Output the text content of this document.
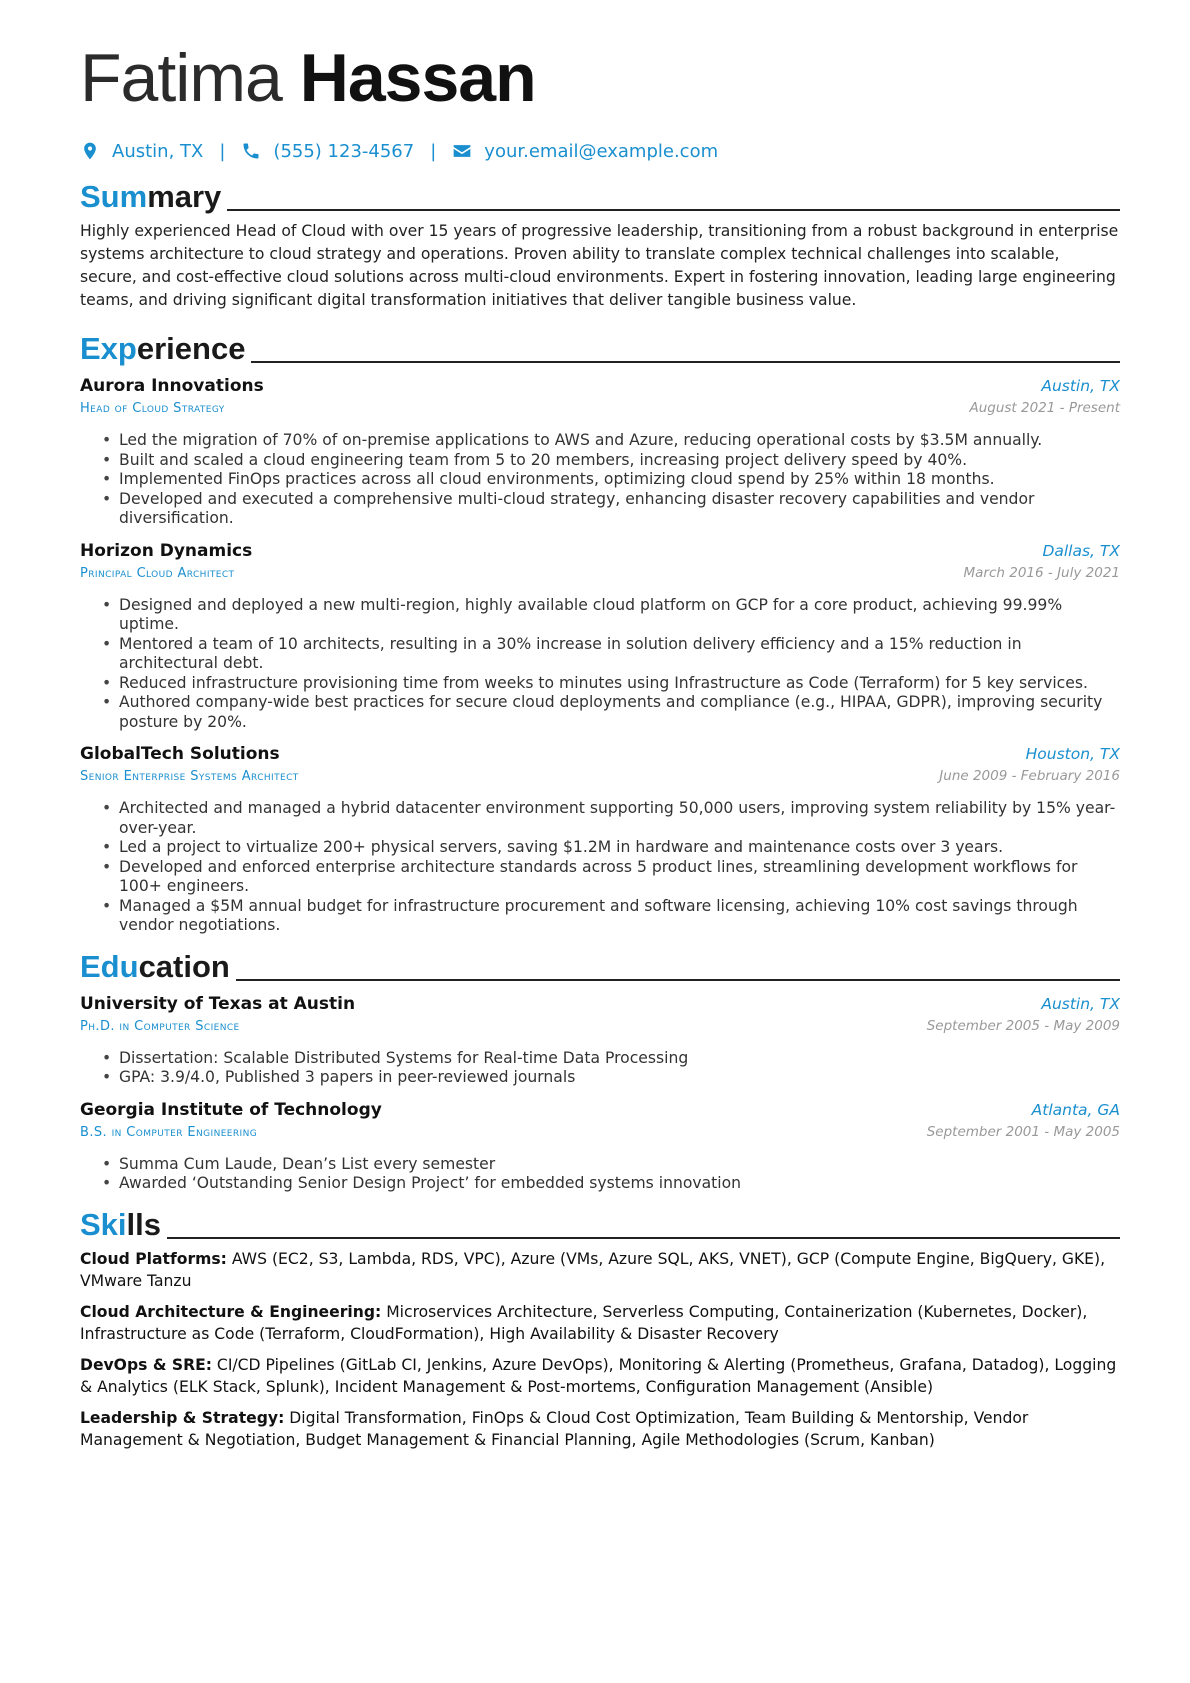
Fatima Hassan
Austin, TX |	(555) 123-4567 |	your.email@example.com
Summary

Highly experienced Head of Cloud with over 15 years of progressive leadership, transitioning from a robust background in enterprise systems architecture to cloud strategy and operations. Proven ability to translate complex technical challenges into scalable, secure, and cost-effective cloud solutions across multi-cloud environments. Expert in fostering innovation, leading large engineering teams, and driving significant digital transformation initiatives that deliver tangible business value.

Experience
Aurora Innovations	Austin, TX
Head of Cloud Strategy	August 2021 - Present
• Led the migration of 70% of on-premise applications to AWS and Azure, reducing operational costs by $3.5M annually.
• Built and scaled a cloud engineering team from 5 to 20 members, increasing project delivery speed by 40%.
• Implemented FinOps practices across all cloud environments, optimizing cloud spend by 25% within 18 months.
• Developed and executed a comprehensive multi-cloud strategy, enhancing disaster recovery capabilities and vendor diversification.
Horizon Dynamics	Dallas, TX
Principal Cloud Architect	March 2016 - July 2021
• Designed and deployed a new multi-region, highly available cloud platform on GCP for a core product, achieving 99.99% uptime.
• Mentored a team of 10 architects, resulting in a 30% increase in solution delivery efficiency and a 15% reduction in architectural debt.
• Reduced infrastructure provisioning time from weeks to minutes using Infrastructure as Code (Terraform) for 5 key services.
• Authored company-wide best practices for secure cloud deployments and compliance (e.g., HIPAA, GDPR), improving security posture by 20%.
GlobalTech Solutions	Houston, TX
Senior Enterprise Systems Architect	June 2009 - February 2016
• Architected and managed a hybrid datacenter environment supporting 50,000 users, improving system reliability by 15% year-over-year.
• Led a project to virtualize 200+ physical servers, saving $1.2M in hardware and maintenance costs over 3 years.
• Developed and enforced enterprise architecture standards across 5 product lines, streamlining development workflows for 100+ engineers.
• Managed a $5M annual budget for infrastructure procurement and software licensing, achieving 10% cost savings through vendor negotiations.
Education
University of Texas at Austin	Austin, TX
Ph.D. in Computer Science	September 2005 - May 2009
• Dissertation: Scalable Distributed Systems for Real-time Data Processing
• GPA: 3.9/4.0, Published 3 papers in peer-reviewed journals
Georgia Institute of Technology	Atlanta, GA
B.S. in Computer Engineering	September 2001 - May 2005
• Summa Cum Laude, Dean’s List every semester
• Awarded ‘Outstanding Senior Design Project’ for embedded systems innovation
Skills

Cloud Platforms: AWS (EC2, S3, Lambda, RDS, VPC), Azure (VMs, Azure SQL, AKS, VNET), GCP (Compute Engine, BigQuery, GKE), VMware Tanzu

Cloud Architecture & Engineering: Microservices Architecture, Serverless Computing, Containerization (Kubernetes, Docker), Infrastructure as Code (Terraform, CloudFormation), High Availability & Disaster Recovery

DevOps & SRE: CI/CD Pipelines (GitLab CI, Jenkins, Azure DevOps), Monitoring & Alerting (Prometheus, Grafana, Datadog), Logging & Analytics (ELK Stack, Splunk), Incident Management & Post-mortems, Configuration Management (Ansible)

Leadership & Strategy: Digital Transformation, FinOps & Cloud Cost Optimization, Team Building & Mentorship, Vendor Management & Negotiation, Budget Management & Financial Planning, Agile Methodologies (Scrum, Kanban)
